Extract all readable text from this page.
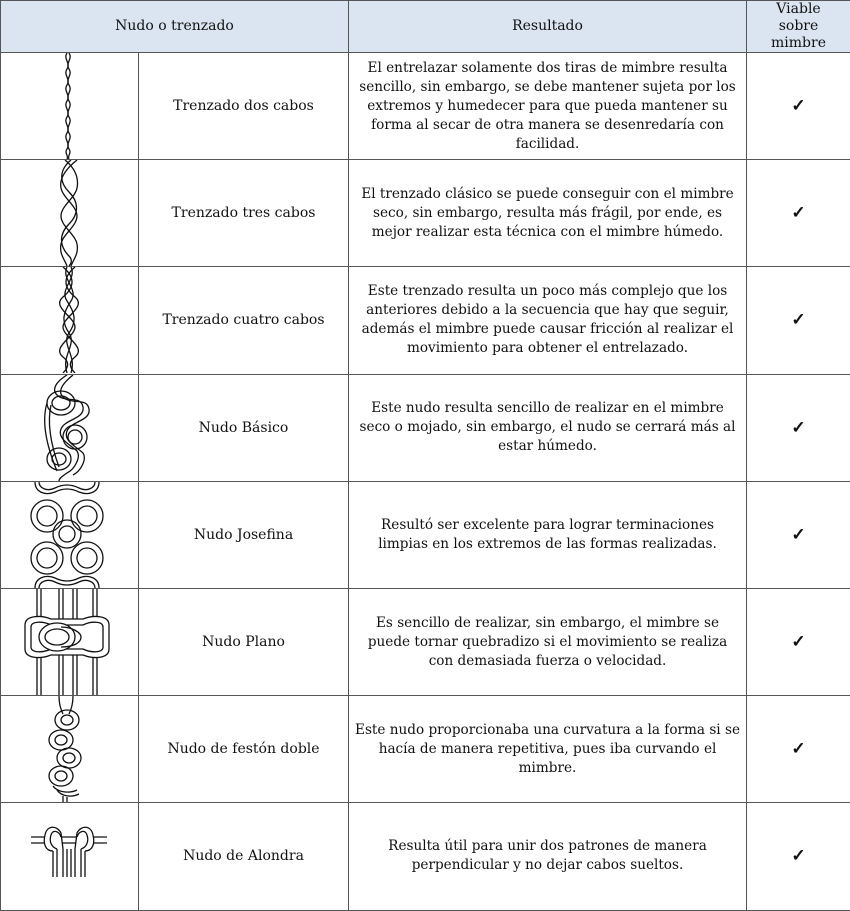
Nudo o trenzado		Resultado	Viable sobre mimbre

	Trenzado dos cabos	El entrelazar solamente dos tiras de mimbre resulta sencillo, sin embargo, se debe mantener sujeta por los extremos y humedecer para que pueda mantener su forma al secar de otra manera se desenredaría con facilidad.	✓

	Trenzado tres cabos	El trenzado clásico se puede conseguir con el mimbre seco, sin embargo, resulta más frágil, por ende, es mejor realizar esta técnica con el mimbre húmedo.	✓

	Trenzado cuatro cabos	Este trenzado resulta un poco más complejo que los anteriores debido a la secuencia que hay que seguir, además el mimbre puede causar fricción al realizar el movimiento para obtener el entrelazado.	✓

	Nudo Básico	Este nudo resulta sencillo de realizar en el mimbre seco o mojado, sin embargo, el nudo se cerrará más al estar húmedo.	✓

	Nudo Josefina	Resultó ser excelente para lograr terminaciones limpias en los extremos de las formas realizadas.	✓

	Nudo Plano	Es sencillo de realizar, sin embargo, el mimbre se puede tornar quebradizo si el movimiento se realiza con demasiada fuerza o velocidad.	✓

	Nudo de festón doble	Este nudo proporcionaba una curvatura a la forma si se hacía de manera repetitiva, pues iba curvando el mimbre.	✓

	Nudo de Alondra	Resulta útil para unir dos patrones de manera perpendicular y no dejar cabos sueltos.	✓
